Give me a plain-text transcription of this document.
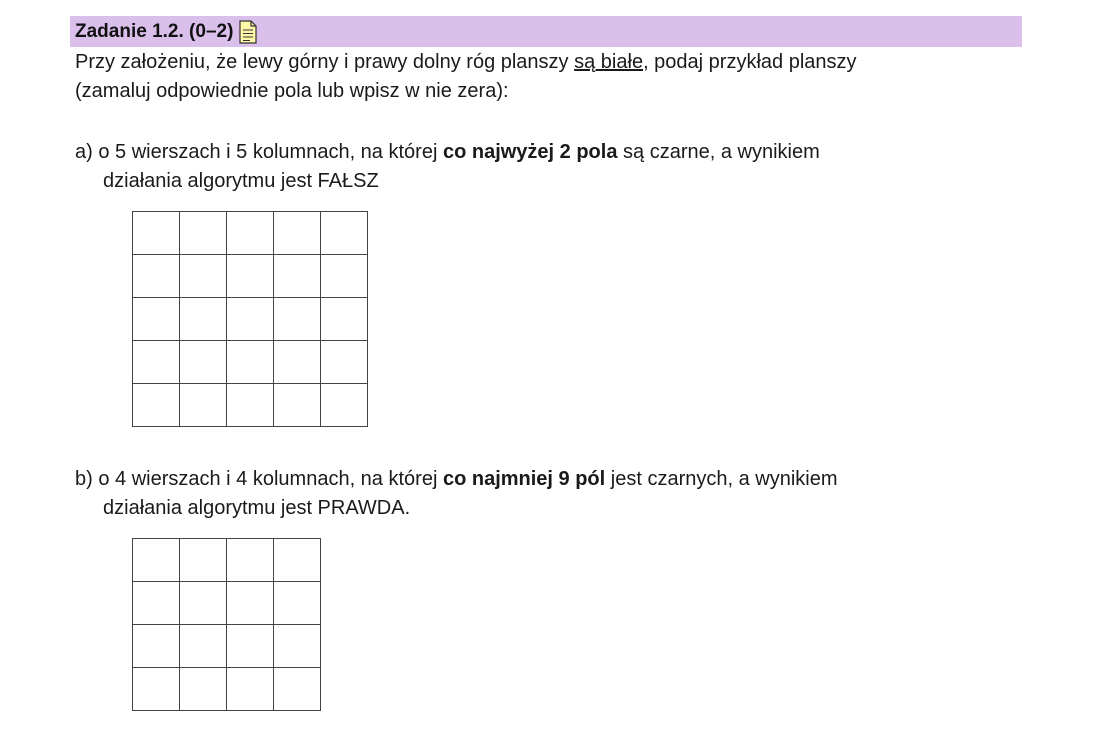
Zadanie 1.2. (0–2)
Przy założeniu, że lewy górny i prawy dolny róg planszy są białe, podaj przykład planszy
(zamaluj odpowiednie pola lub wpisz w nie zera):
a) o 5 wierszach i 5 kolumnach, na której co najwyżej 2 pola są czarne, a wynikiem
działania algorytmu jest FAŁSZ

b) o 4 wierszach i 4 kolumnach, na której co najmniej 9 pól jest czarnych, a wynikiem
działania algorytmu jest PRAWDA.
